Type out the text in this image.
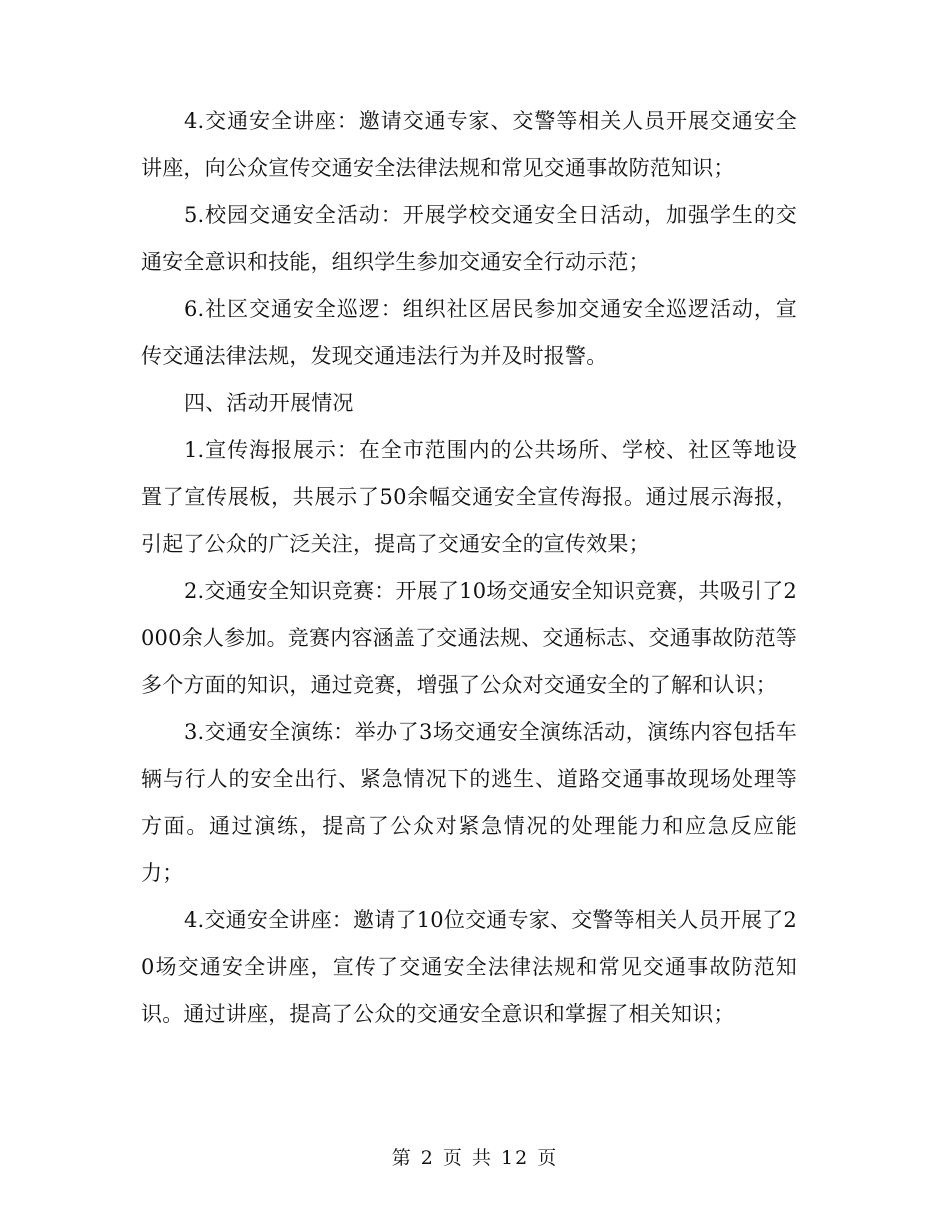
4.交通安全讲座：邀请交通专家、交警等相关人员开展交通安全讲座，向公众宣传交通安全法律法规和常见交通事故防范知识；

5.校园交通安全活动：开展学校交通安全日活动，加强学生的交通安全意识和技能，组织学生参加交通安全行动示范；

6.社区交通安全巡逻：组织社区居民参加交通安全巡逻活动，宣传交通法律法规，发现交通违法行为并及时报警。

四、活动开展情况

1.宣传海报展示：在全市范围内的公共场所、学校、社区等地设置了宣传展板，共展示了50余幅交通安全宣传海报。通过展示海报，引起了公众的广泛关注，提高了交通安全的宣传效果；

2.交通安全知识竞赛：开展了10场交通安全知识竞赛，共吸引了2000余人参加。竞赛内容涵盖了交通法规、交通标志、交通事故防范等多个方面的知识，通过竞赛，增强了公众对交通安全的了解和认识；

3.交通安全演练：举办了3场交通安全演练活动，演练内容包括车辆与行人的安全出行、紧急情况下的逃生、道路交通事故现场处理等方面。通过演练，提高了公众对紧急情况的处理能力和应急反应能力；

4.交通安全讲座：邀请了10位交通专家、交警等相关人员开展了20场交通安全讲座，宣传了交通安全法律法规和常见交通事故防范知识。通过讲座，提高了公众的交通安全意识和掌握了相关知识；

第 2 页 共 12 页
